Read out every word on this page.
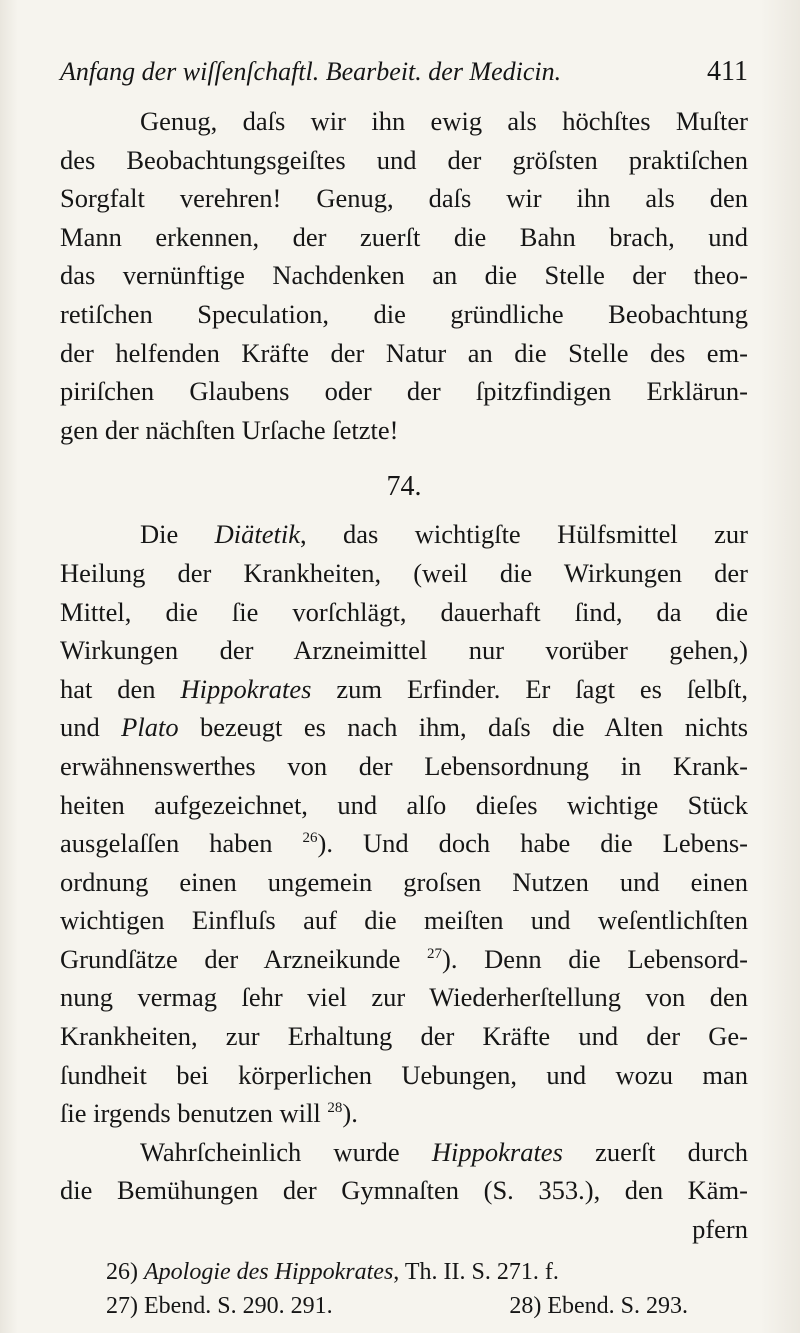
Anfang der wiſſenſchaftl. Bearbeit. der Medicin.	411

Genug, daſs wir ihn ewig als höchſtes Muſter
des Beobachtungsgeiſtes und der gröſsten praktiſchen
Sorgfalt verehren! Genug, daſs wir ihn als den
Mann erkennen, der zuerſt die Bahn brach, und
das vernünftige Nachdenken an die Stelle der theo-
retiſchen Speculation, die gründliche Beobachtung
der helfenden Kräfte der Natur an die Stelle des em-
piriſchen Glaubens oder der ſpitzfindigen Erklärun-
gen der nächſten Urſache ſetzte!

74.

Die Diätetik, das wichtigſte Hülfsmittel zur
Heilung der Krankheiten, (weil die Wirkungen der
Mittel, die ſie vorſchlägt, dauerhaft ſind, da die
Wirkungen der Arzneimittel nur vorüber gehen,)
hat den Hippokrates zum Erfinder. Er ſagt es ſelbſt,
und Plato bezeugt es nach ihm, daſs die Alten nichts
erwähnenswerthes von der Lebensordnung in Krank-
heiten aufgezeichnet, und alſo dieſes wichtige Stück
ausgelaſſen haben $^{26}$). Und doch habe die Lebens-
ordnung einen ungemein groſsen Nutzen und einen
wichtigen Einfluſs auf die meiſten und weſentlichſten
Grundſätze der Arzneikunde $^{27}$). Denn die Lebensord-
nung vermag ſehr viel zur Wiederherſtellung von den
Krankheiten, zur Erhaltung der Kräfte und der Ge-
ſundheit bei körperlichen Uebungen, und wozu man
ſie irgends benutzen will $^{28}$).

Wahrſcheinlich wurde Hippokrates zuerſt durch
die Bemühungen der Gymnaſten (S. 353.), den Käm-
pfern

26) Apologie des Hippokrates, Th. II. S. 271. f.
27) Ebend. S. 290. 291.	28) Ebend. S. 293.
